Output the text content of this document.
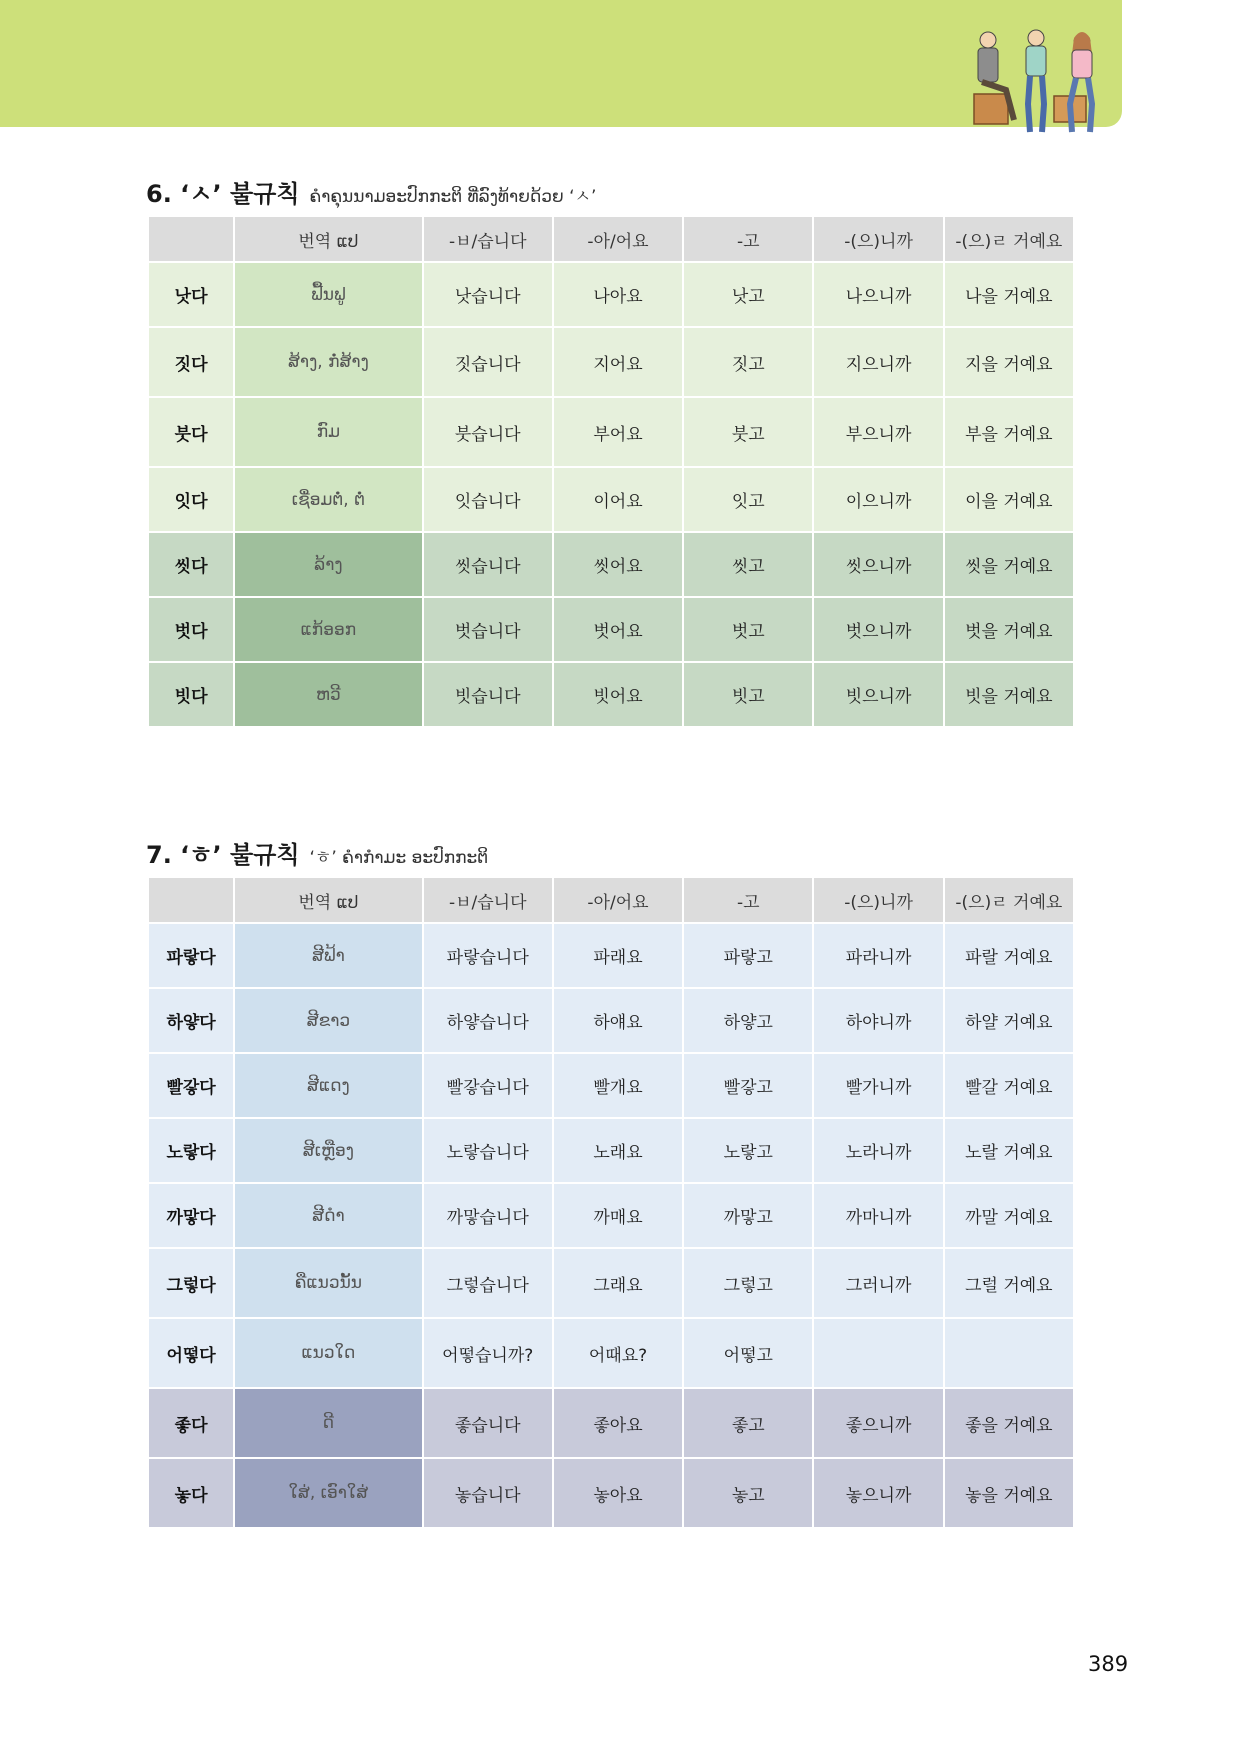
6. ‘ㅅ’ 불규칙 ຄຳຄຸນນາມອະປົກກະຕິ ທີ່ລົງທ້າຍດ້ວຍ ‘ㅅ’
	번역 ແປ	-ㅂ/습니다	-아/어요	-고	-(으)니까	-(으)ㄹ 거예요
낫다	ຟື້ນຟູ	낫습니다	나아요	낫고	나으니까	나을 거예요
짓다	ສ້າງ, ກໍ່ສ້າງ	짓습니다	지어요	짓고	지으니까	지을 거예요
붓다	ກົມ	붓습니다	부어요	붓고	부으니까	부을 거예요
잇다	ເຊື່ອມຕໍ່, ຕໍ່	잇습니다	이어요	잇고	이으니까	이을 거예요
씻다	ລ້າງ	씻습니다	씻어요	씻고	씻으니까	씻을 거예요
벗다	ແກ້ອອກ	벗습니다	벗어요	벗고	벗으니까	벗을 거예요
빗다	ຫວີ	빗습니다	빗어요	빗고	빗으니까	빗을 거예요
7. ‘ㅎ’ 불규칙 ‘ㅎ’ ຄຳກຳມະ ອະປົກກະຕິ
	번역 ແປ	-ㅂ/습니다	-아/어요	-고	-(으)니까	-(으)ㄹ 거예요
파랗다	ສີຟ້າ	파랗습니다	파래요	파랗고	파라니까	파랄 거예요
하얗다	ສີຂາວ	하얗습니다	하얘요	하얗고	하야니까	하얄 거예요
빨갛다	ສີແດງ	빨갛습니다	빨개요	빨갛고	빨가니까	빨갈 거예요
노랗다	ສີເຫຼືອງ	노랗습니다	노래요	노랗고	노라니까	노랄 거예요
까맣다	ສີດຳ	까맣습니다	까매요	까맣고	까마니까	까말 거예요
그렇다	ຄືແນວນັ້ນ	그렇습니다	그래요	그렇고	그러니까	그럴 거예요
어떻다	ແນວໃດ	어떻습니까?	어때요?	어떻고		
좋다	ດີ	좋습니다	좋아요	좋고	좋으니까	좋을 거예요
놓다	ໃສ່, ເອົາໃສ່	놓습니다	놓아요	놓고	놓으니까	놓을 거예요
389
